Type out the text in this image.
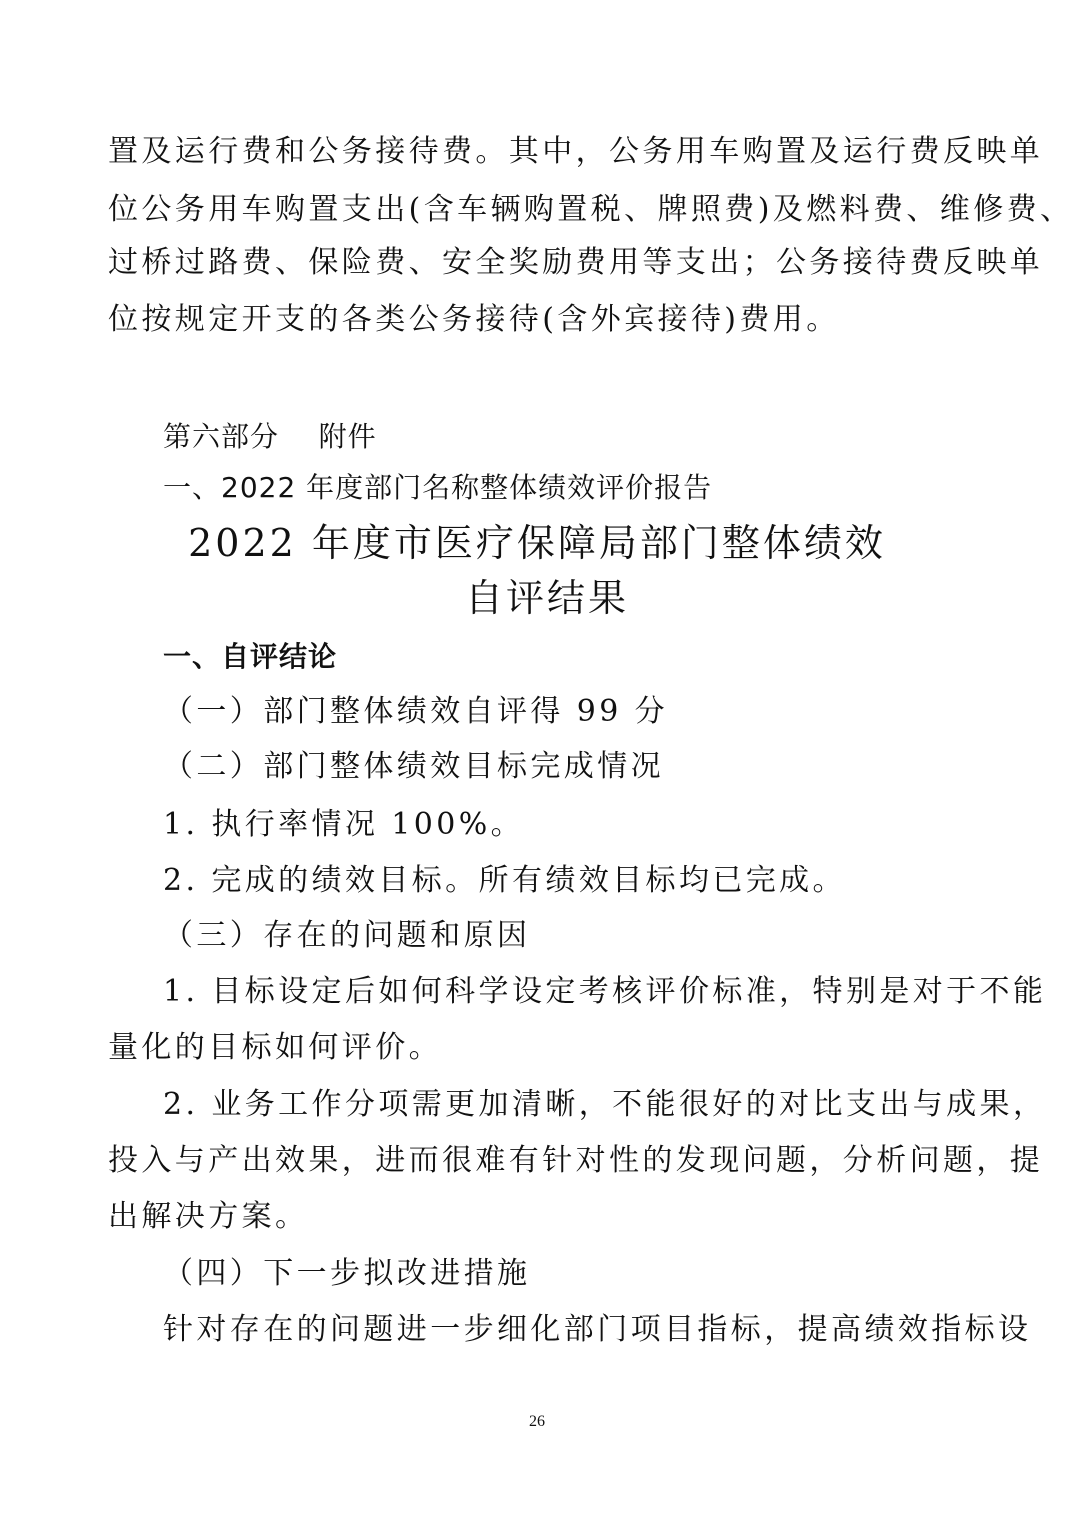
置及运行费和公务接待费。其中，公务用车购置及运行费反映单
位公务用车购置支出(含车辆购置税、牌照费)及燃料费、维修费、
过桥过路费、保险费、安全奖励费用等支出；公务接待费反映单
位按规定开支的各类公务接待(含外宾接待)费用。
第六部分    附件
一、2022 年度部门名称整体绩效评价报告
2022 年度市医疗保障局部门整体绩效
自评结果
一、自评结论
（一）部门整体绩效自评得 99 分
（二）部门整体绩效目标完成情况
1. 执行率情况 100%。
2. 完成的绩效目标。所有绩效目标均已完成。
（三）存在的问题和原因
1. 目标设定后如何科学设定考核评价标准，特别是对于不能
量化的目标如何评价。
2. 业务工作分项需更加清晰，不能很好的对比支出与成果，
投入与产出效果，进而很难有针对性的发现问题，分析问题，提
出解决方案。
（四）下一步拟改进措施
针对存在的问题进一步细化部门项目指标，提高绩效指标设
26
